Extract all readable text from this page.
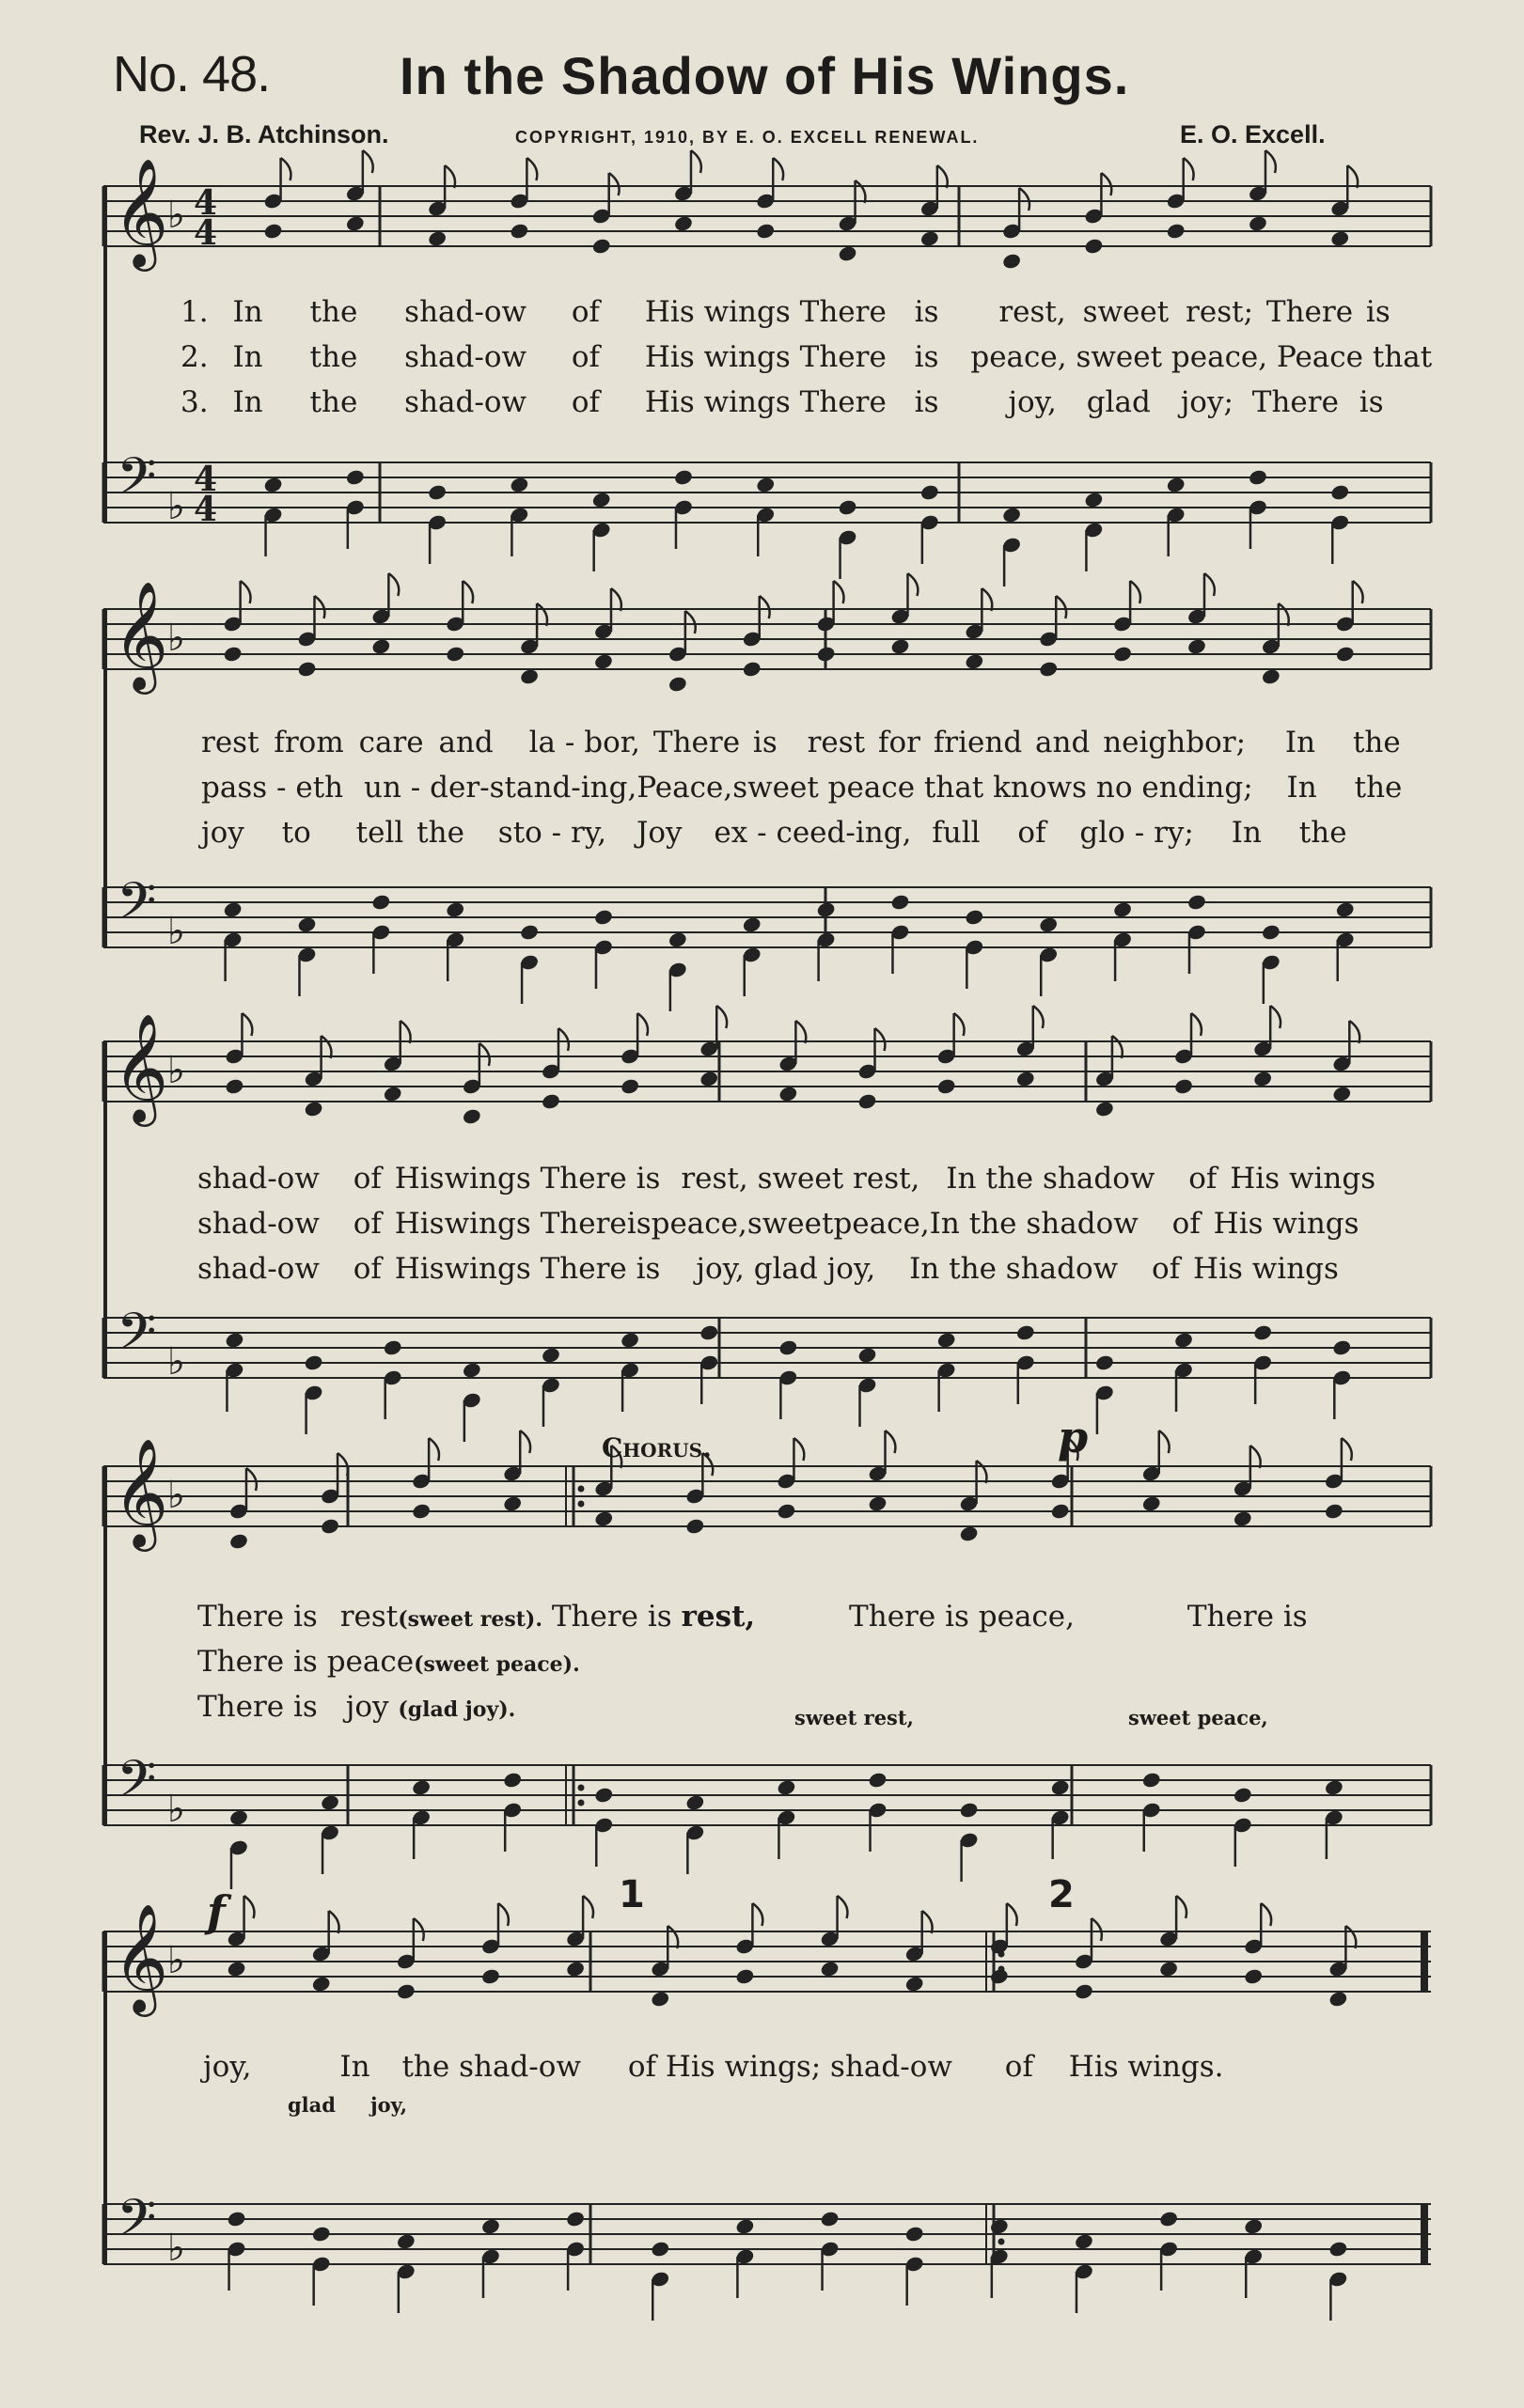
No. 48. In the Shadow of His Wings.
Rev. J. B. Atchinson.	COPYRIGHT, 1910, BY E. O. EXCELL RENEWAL.	E. O. Excell.
𝄞
𝄢
♭
♭
4
4
4
4
1. In the shad-ow of His wings There is rest, sweet rest; There is
2. In the shad-ow of His wings There is peace, sweet peace, Peace that
3. In the shad-ow of His wings There is joy, glad joy; There is
𝄞
𝄢
♭
♭
rest from care and la - bor, There is rest for friend and neighbor; In the
pass - eth un - der-stand-ing,Peace,sweet peace that knows no ending; In the
joy to tell the sto - ry, Joy ex - ceed-ing, full of glo - ry; In the
𝄞
𝄢
♭
♭
shad-ow of Hiswings There is rest, sweet rest, In the shadow of His wings
shad-ow of Hiswings Thereispeace,sweetpeace,In the shadow of His wings
shad-ow of Hiswings There is joy, glad joy, In the shadow of His wings
𝄞
𝄢
♭
♭
Chorus.	p
There is rest(sweet rest). There is rest,	There is peace,	There is
There is peace(sweet peace).
There is joy (glad joy).	sweet rest,	sweet peace,
𝄞
𝄢
♭
♭
f	1	2
joy,	In the shad-ow of His wings; shad-ow of His wings.
glad joy,
